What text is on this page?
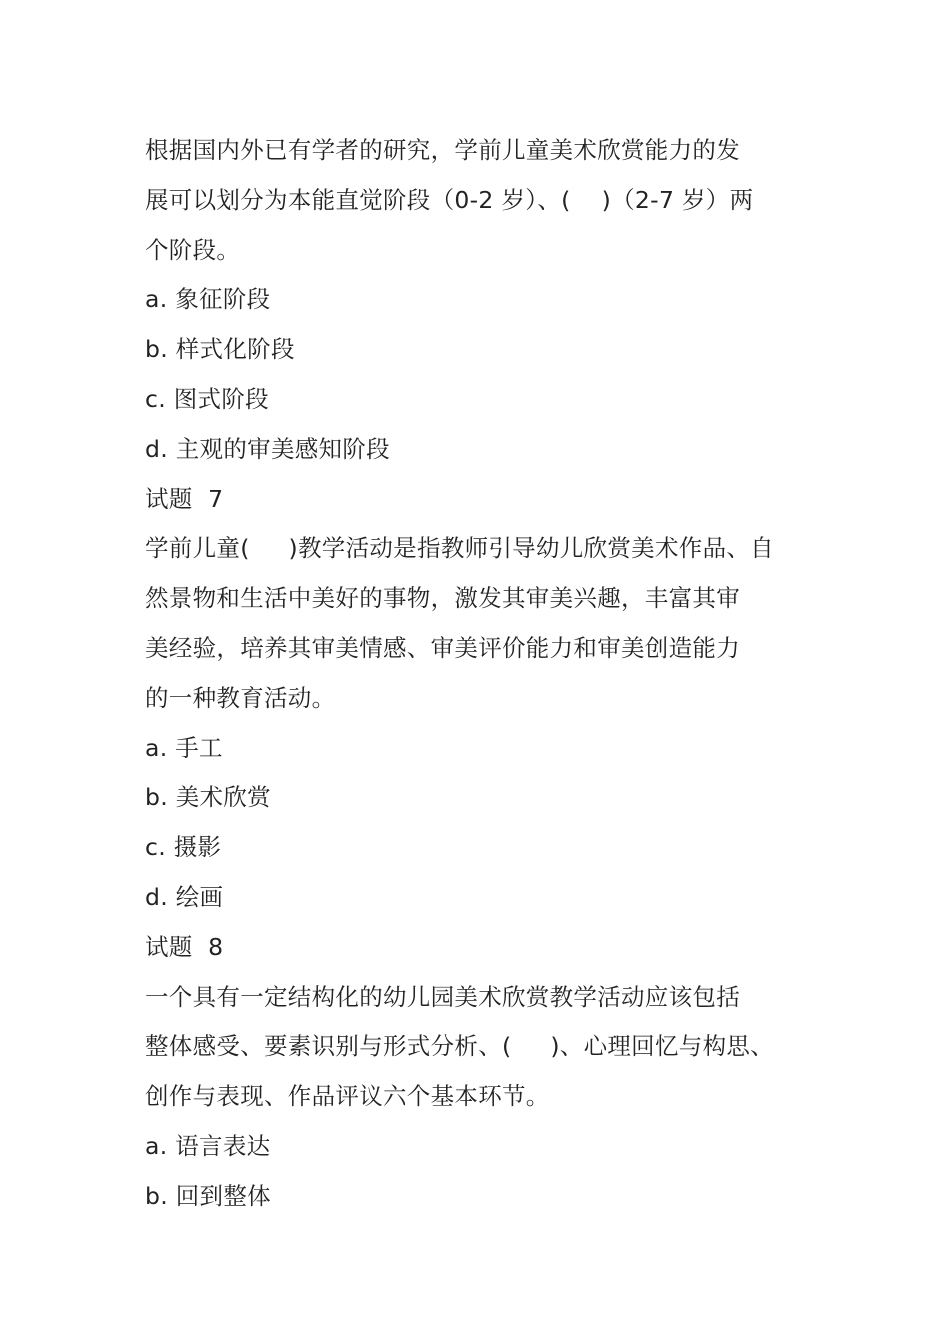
根据国内外已有学者的研究，学前儿童美术欣赏能力的发
展可以划分为本能直觉阶段（0-2 岁）、(    )（2-7 岁）两
个阶段。
a. 象征阶段
b. 样式化阶段
c. 图式阶段
d. 主观的审美感知阶段
试题  7
学前儿童(     )教学活动是指教师引导幼儿欣赏美术作品、自
然景物和生活中美好的事物，激发其审美兴趣，丰富其审
美经验，培养其审美情感、审美评价能力和审美创造能力
的一种教育活动。
a. 手工
b. 美术欣赏
c. 摄影
d. 绘画
试题  8
一个具有一定结构化的幼儿园美术欣赏教学活动应该包括
整体感受、要素识别与形式分析、(     )、心理回忆与构思、
创作与表现、作品评议六个基本环节。
a. 语言表达
b. 回到整体
